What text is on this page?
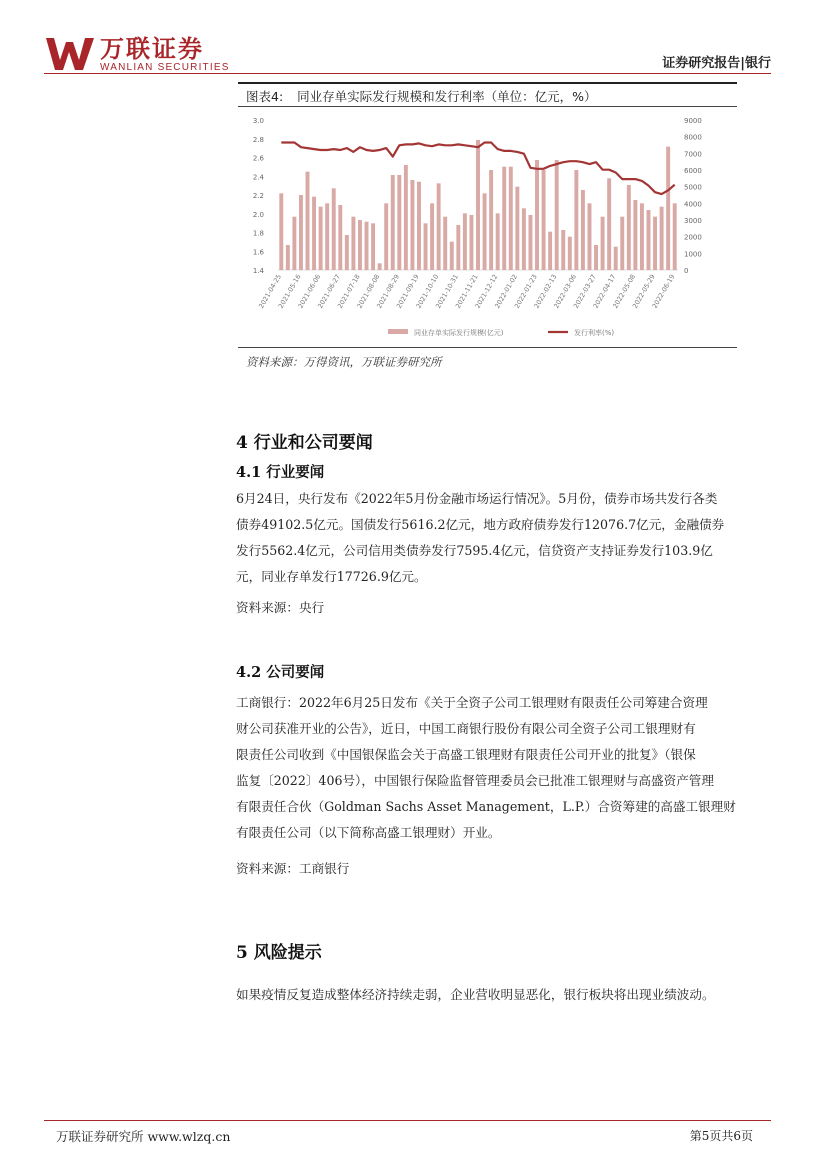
万联证券
WANLIAN SECURITIES	证券研究报告|银行
图表4: 同业存单实际发行规模和发行利率（单位：亿元，%）
1.4
1.6
1.8
2.0
2.2
2.4
2.6
2.8
3.0
0
1000
2000
3000
4000
5000
6000
7000
8000
9000
2021-04-25
2021-05-16
2021-06-06
2021-06-27
2021-07-18
2021-08-08
2021-08-29
2021-09-19
2021-10-10
2021-10-31
2021-11-21
2021-12-12
2022-01-02
2022-01-23
2022-02-13
2022-03-06
2022-03-27
2022-04-17
2022-05-08
2022-05-29
2022-06-19
同业存单实际发行规模(亿元)	发行利率(%)
资料来源：万得资讯，万联证券研究所
4 行业和公司要闻
4.1 行业要闻
6月24日，央行发布《2022年5月份金融市场运行情况》。5月份，债券市场共发行各类
债券49102.5亿元。国债发行5616.2亿元，地方政府债券发行12076.7亿元，金融债券
发行5562.4亿元，公司信用类债券发行7595.4亿元，信贷资产支持证券发行103.9亿
元，同业存单发行17726.9亿元。
资料来源：央行
4.2 公司要闻
工商银行：2022年6月25日发布《关于全资子公司工银理财有限责任公司筹建合资理
财公司获准开业的公告》，近日，中国工商银行股份有限公司全资子公司工银理财有
限责任公司收到《中国银保监会关于高盛工银理财有限责任公司开业的批复》（银保
监复〔2022〕406号），中国银行保险监督管理委员会已批准工银理财与高盛资产管理
有限责任合伙（Goldman Sachs Asset Management，L.P.）合资筹建的高盛工银理财
有限责任公司（以下简称高盛工银理财）开业。
资料来源：工商银行
5 风险提示
如果疫情反复造成整体经济持续走弱，企业营收明显恶化，银行板块将出现业绩波动。
万联证券研究所 www.wlzq.cn	第5页共6页
